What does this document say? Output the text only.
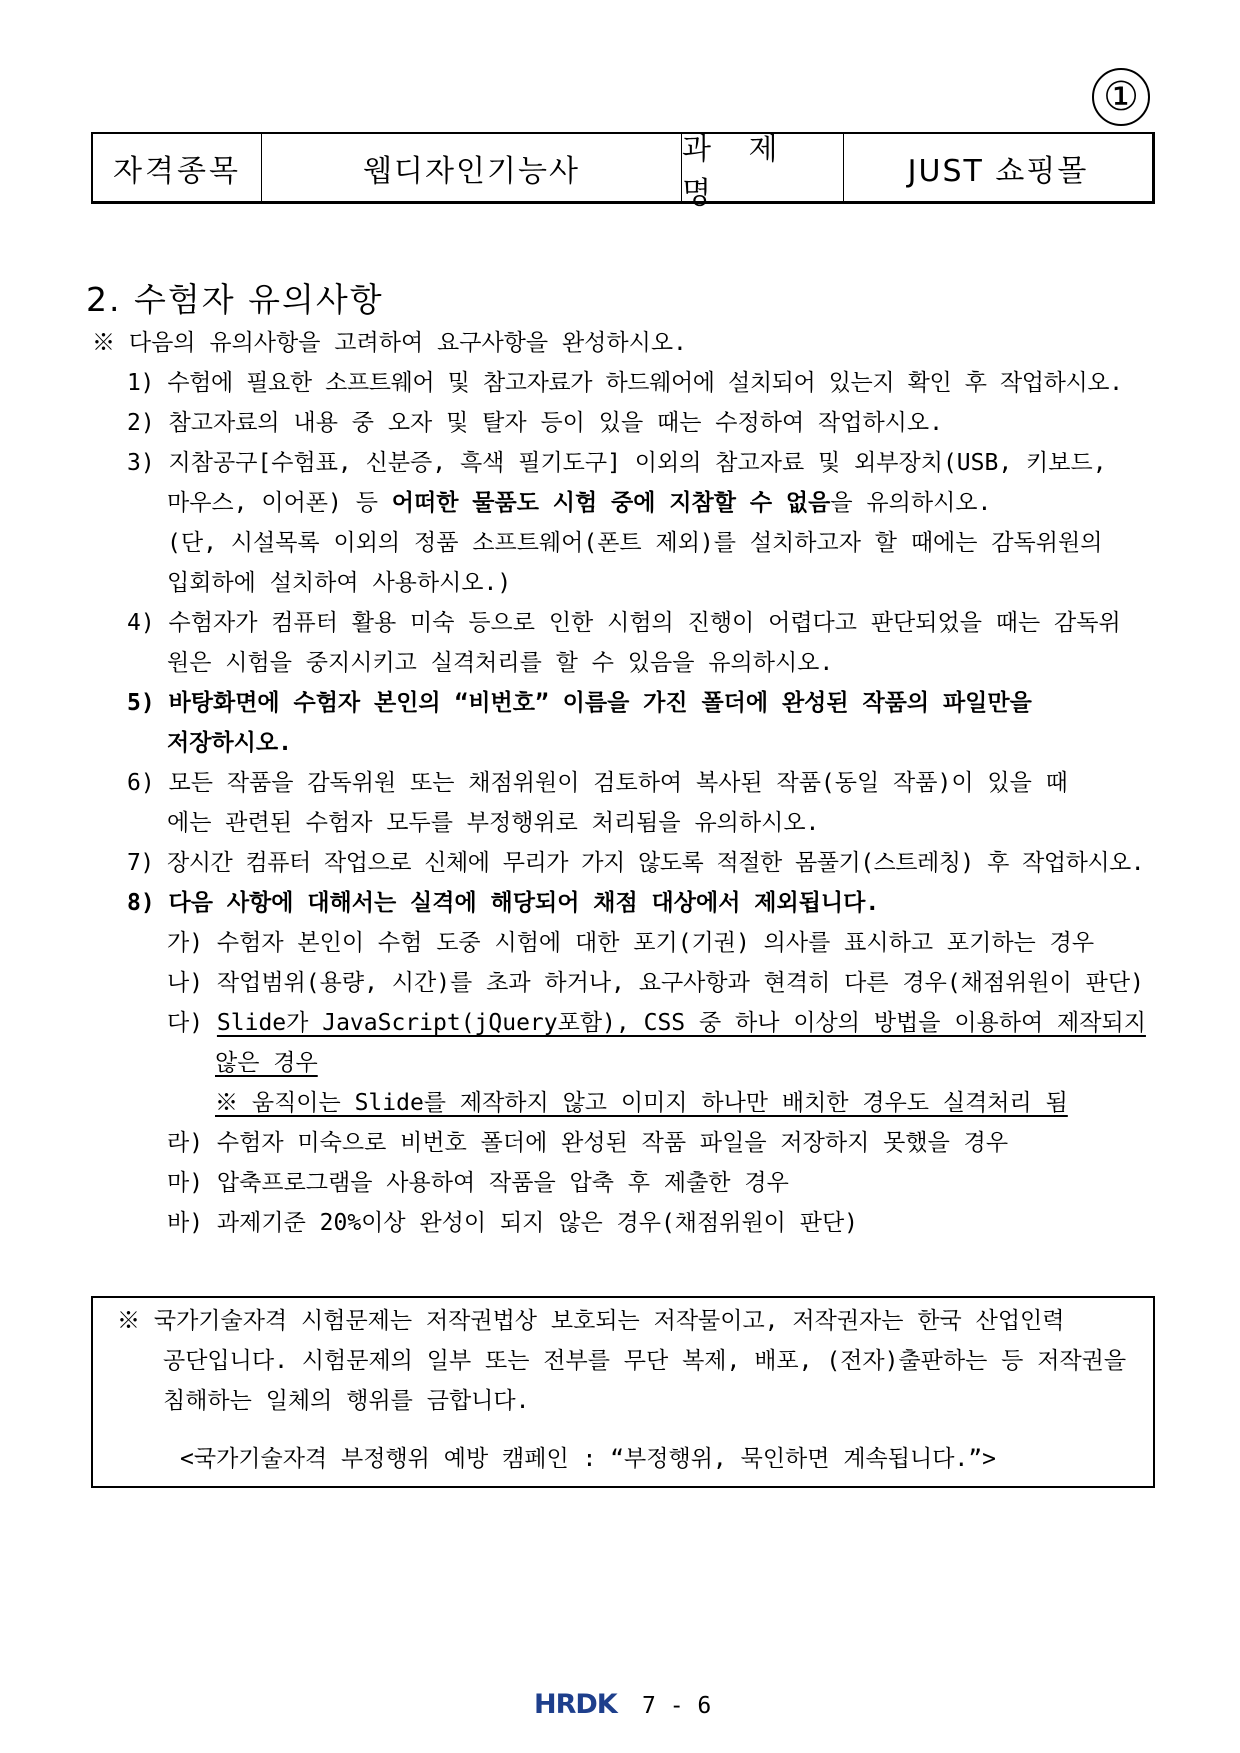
①
자격종목	웹디자인기능사
과 제 명
JUST 쇼핑몰
2. 수험자 유의사항
※ 다음의 유의사항을 고려하여 요구사항을 완성하시오.
1) 수험에 필요한 소프트웨어 및 참고자료가 하드웨어에 설치되어 있는지 확인 후 작업하시오.
2) 참고자료의 내용 중 오자 및 탈자 등이 있을 때는 수정하여 작업하시오.
3) 지참공구[수험표, 신분증, 흑색 필기도구] 이외의 참고자료 및 외부장치(USB, 키보드,
마우스, 이어폰) 등 어떠한 물품도 시험 중에 지참할 수 없음을 유의하시오.
(단, 시설목록 이외의 정품 소프트웨어(폰트 제외)를 설치하고자 할 때에는 감독위원의
입회하에 설치하여 사용하시오.)
4) 수험자가 컴퓨터 활용 미숙 등으로 인한 시험의 진행이 어렵다고 판단되었을 때는 감독위
원은 시험을 중지시키고 실격처리를 할 수 있음을 유의하시오.
5) 바탕화면에 수험자 본인의 “비번호” 이름을 가진 폴더에 완성된 작품의 파일만을
저장하시오.
6) 모든 작품을 감독위원 또는 채점위원이 검토하여 복사된 작품(동일 작품)이 있을 때
에는 관련된 수험자 모두를 부정행위로 처리됨을 유의하시오.
7) 장시간 컴퓨터 작업으로 신체에 무리가 가지 않도록 적절한 몸풀기(스트레칭) 후 작업하시오.
8) 다음 사항에 대해서는 실격에 해당되어 채점 대상에서 제외됩니다.
가) 수험자 본인이 수험 도중 시험에 대한 포기(기권) 의사를 표시하고 포기하는 경우
나) 작업범위(용량, 시간)를 초과 하거나, 요구사항과 현격히 다른 경우(채점위원이 판단)
다) Slide가 JavaScript(jQuery포함), CSS 중 하나 이상의 방법을 이용하여 제작되지
않은 경우
※ 움직이는 Slide를 제작하지 않고 이미지 하나만 배치한 경우도 실격처리 됨
라) 수험자 미숙으로 비번호 폴더에 완성된 작품 파일을 저장하지 못했을 경우
마) 압축프로그램을 사용하여 작품을 압축 후 제출한 경우
바) 과제기준 20%이상 완성이 되지 않은 경우(채점위원이 판단)
※ 국가기술자격 시험문제는 저작권법상 보호되는 저작물이고, 저작권자는 한국 산업인력
공단입니다. 시험문제의 일부 또는 전부를 무단 복제, 배포, (전자)출판하는 등 저작권을
침해하는 일체의 행위를 금합니다.
<국가기술자격 부정행위 예방 캠페인 : “부정행위, 묵인하면 계속됩니다.”>
HRDK 7 - 6
